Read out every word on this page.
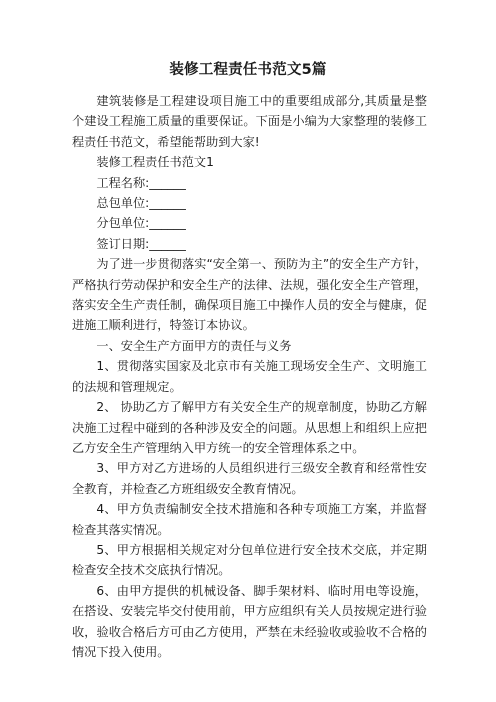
装修工程责任书范文5篇

建筑装修是工程建设项目施工中的重要组成部分,其质量是整个建设工程施工质量的重要保证。下面是小编为大家整理的装修工程责任书范文，希望能帮助到大家!

装修工程责任书范文1

工程名称:______

总包单位:______

分包单位:______

签订日期:______

为了进一步贯彻落实“安全第一、预防为主”的安全生产方针，严格执行劳动保护和安全生产的法律、法规，强化安全生产管理，落实安全生产责任制，确保项目施工中操作人员的安全与健康，促进施工顺利进行，特签订本协议。

一、安全生产方面甲方的责任与义务

1、贯彻落实国家及北京市有关施工现场安全生产、文明施工的法规和管理规定。

2、 协助乙方了解甲方有关安全生产的规章制度，协助乙方解决施工过程中碰到的各种涉及安全的问题。从思想上和组织上应把乙方安全生产管理纳入甲方统一的安全管理体系之中。

3、甲方对乙方进场的人员组织进行三级安全教育和经常性安全教育，并检查乙方班组级安全教育情况。

4、甲方负责编制安全技术措施和各种专项施工方案，并监督检查其落实情况。

5、甲方根据相关规定对分包单位进行安全技术交底，并定期检查安全技术交底执行情况。

6、由甲方提供的机械设备、脚手架材料、临时用电等设施，在搭设、安装完毕交付使用前，甲方应组织有关人员按规定进行验收，验收合格后方可由乙方使用，严禁在未经验收或验收不合格的情况下投入使用。
